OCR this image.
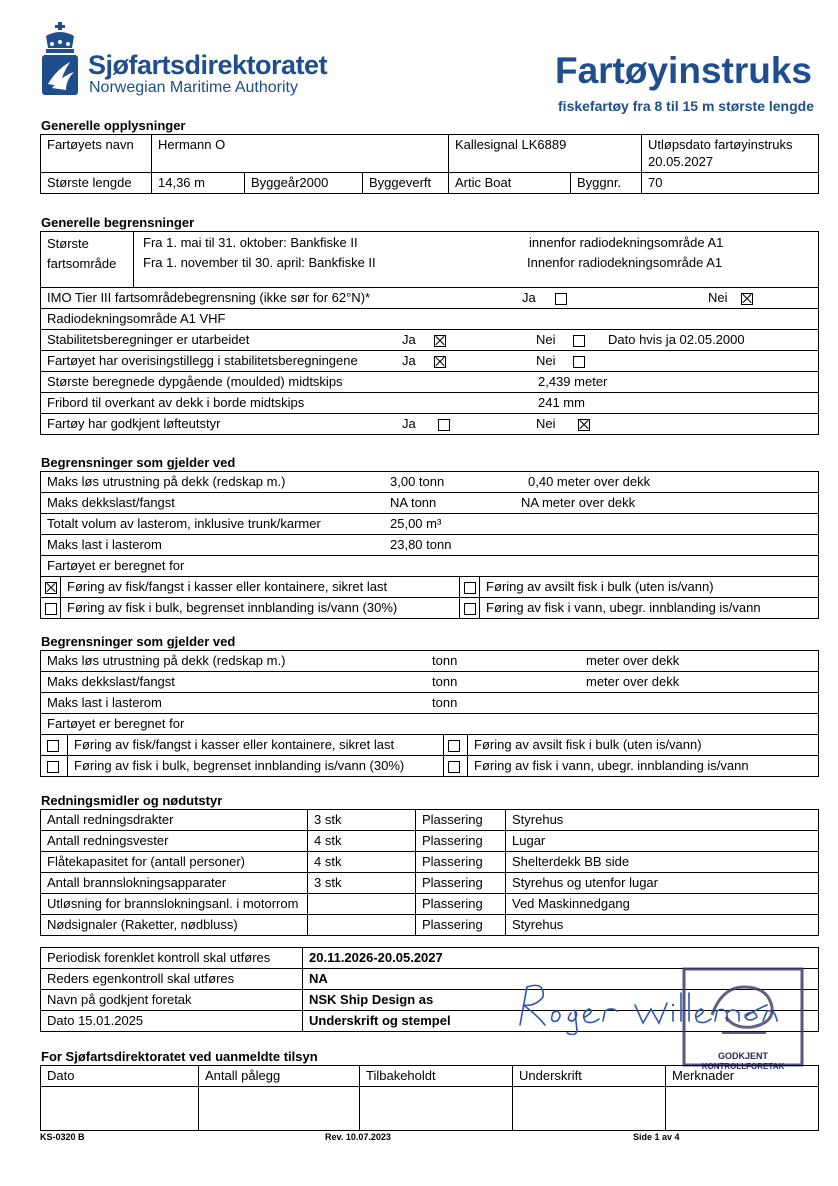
Sjøfartsdirektoratet
Norwegian Maritime Authority	Fartøyinstruks
fiskefartøy fra 8 til 15 m største lengde
Generelle opplysninger
Fartøyets navn	Hermann O			Kallesignal LK6889		Utløpsdato fartøyinstruks
20.05.2027

Største lengde	14,36 m	Byggeår2000	Byggeverft	Artic Boat	Byggnr.	70
Generelle begrensninger
Største
fartsområde

Fra 1. mai til 31. oktober: Bankfiske II	innenfor radiodekningsområde A1
Fra 1. november til 30. april: Bankfiske II	Innenfor radiodekningsområde A1

IMO Tier III fartsområdebegrensning (ikke sør for 62°N)*	Ja	Nei

Radiodekningsområde A1 VHF
Stabilitetsberegninger er utarbeidet	Ja	Nei	Dato hvis ja 02.05.2000

Fartøyet har overisingstillegg i stabilitetsberegningene	Ja	Nei

Største beregnede dypgående (moulded) midtskips	2,439 meter

Fribord til overkant av dekk i borde midtskips	241 mm

Fartøy har godkjent løfteutstyr	Ja	Nei
Begrensninger som gjelder ved
Maks løs utrustning på dekk (redskap m.) 3,00 tonn 0,40 meter over dekk			

Maks dekkslast/fangst NA tonn NA meter over dekk			

Totalt volum av lasterom, inklusive trunk/karmer 25,00 m³			

Maks last i lasterom 23,80 tonn			

Fartøyet er beregnet for			
	Føring av fisk/fangst i kasser eller kontainere, sikret last		Føring av avsilt fisk i bulk (uten is/vann)
	Føring av fisk i bulk, begrenset innblanding is/vann (30%)		Føring av fisk i vann, ubegr. innblanding is/vann
Begrensninger som gjelder ved
Maks løs utrustning på dekk (redskap m.) tonn meter over dekk			

Maks dekkslast/fangst tonn meter over dekk			

Maks last i lasterom tonn			

Fartøyet er beregnet for			
	Føring av fisk/fangst i kasser eller kontainere, sikret last		Føring av avsilt fisk i bulk (uten is/vann)
	Føring av fisk i bulk, begrenset innblanding is/vann (30%)		Føring av fisk i vann, ubegr. innblanding is/vann
Redningsmidler og nødutstyr
Antall redningsdrakter	3 stk	Plassering	Styrehus
Antall redningsvester	4 stk	Plassering	Lugar
Flåtekapasitet for (antall personer)	4 stk	Plassering	Shelterdekk BB side
Antall brannslokningsapparater	3 stk	Plassering	Styrehus og utenfor lugar
Utløsning for brannslokningsanl. i motorrom		Plassering	Ved Maskinnedgang
Nødsignaler (Raketter, nødbluss)		Plassering	Styrehus
Periodisk forenklet kontroll skal utføres	20.11.2026-20.05.2027
Reders egenkontroll skal utføres	NA
Navn på godkjent foretak	NSK Ship Design as
Dato 15.01.2025	Underskrift og stempel
GODKJENT
KONTROLLFORETAK
For Sjøfartsdirektoratet ved uanmeldte tilsyn
Dato	Antall pålegg	Tilbakeholdt	Underskrift	Merknader

KS-0320 B	Rev. 10.07.2023	Side 1 av 4
